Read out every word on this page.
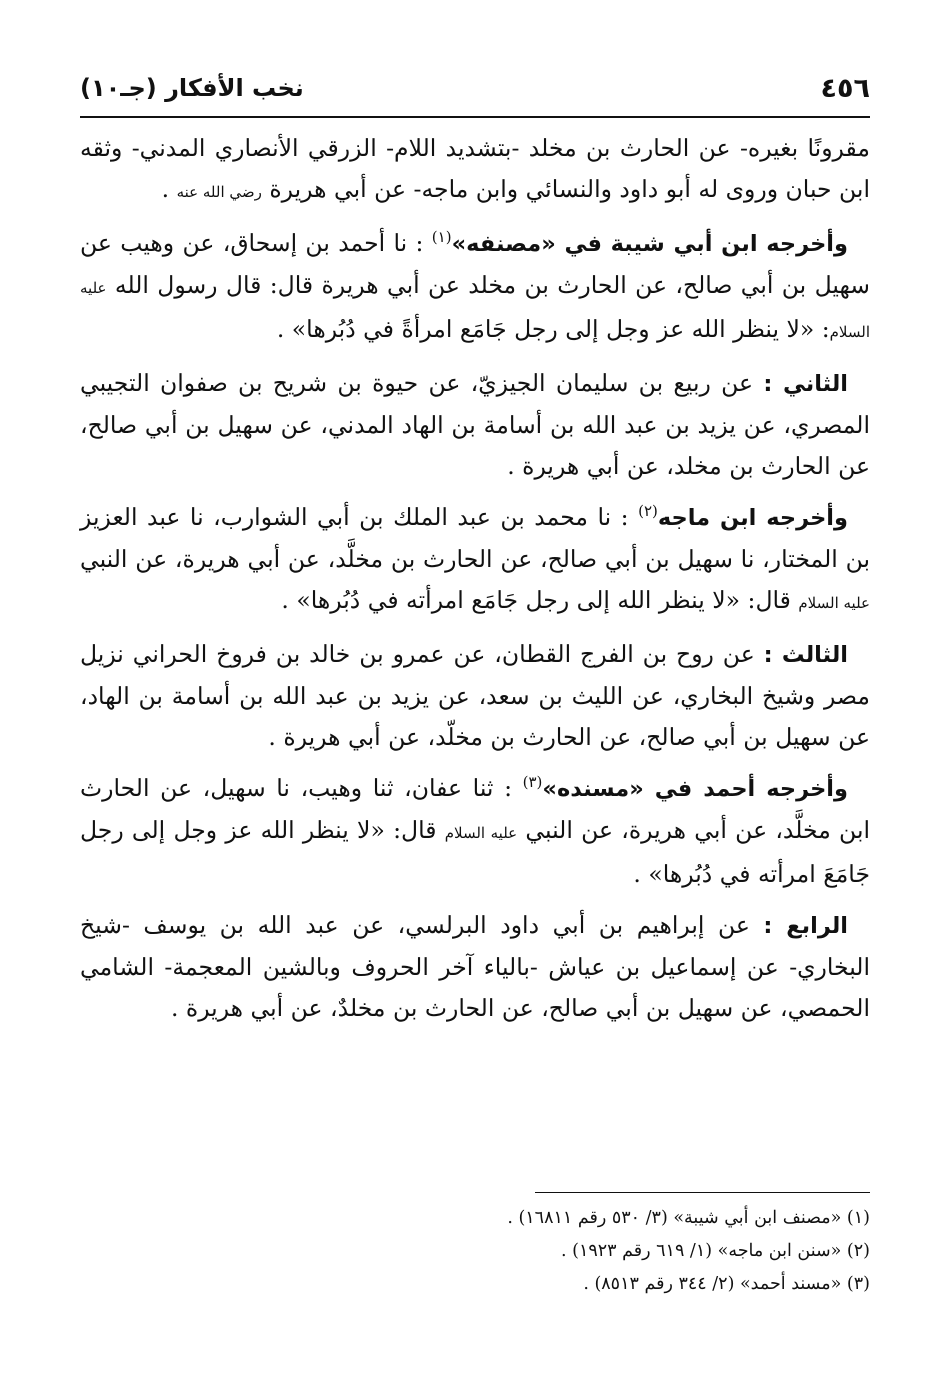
٤٥٦
نخب الأفكار (جـ١٠)

مقرونًا بغيره- عن الحارث بن مخلد -بتشديد اللام- الزرقي الأنصاري المدني- وثقه ابن حبان وروى له أبو داود والنسائي وابن ماجه- عن أبي هريرة رضي الله عنه .

وأخرجه ابن أبي شيبة في «مصنفه»$^{(١)}$ : نا أحمد بن إسحاق، عن وهيب عن سهيل بن أبي صالح، عن الحارث بن مخلد عن أبي هريرة قال: قال رسول الله عليه السلام: «لا ينظر الله عز وجل إلى رجل جَامَع امرأةً في دُبُرها» .

الثاني : عن ربيع بن سليمان الجيزيّ، عن حيوة بن شريح بن صفوان التجيبي المصري، عن يزيد بن عبد الله بن أسامة بن الهاد المدني، عن سهيل بن أبي صالح، عن الحارث بن مخلد، عن أبي هريرة .

وأخرجه ابن ماجه$^{(٢)}$ : نا محمد بن عبد الملك بن أبي الشوارب، نا عبد العزيز بن المختار، نا سهيل بن أبي صالح، عن الحارث بن مخلَّد، عن أبي هريرة، عن النبي عليه السلام قال: «لا ينظر الله إلى رجل جَامَع امرأته في دُبُرها» .

الثالث : عن روح بن الفرج القطان، عن عمرو بن خالد بن فروخ الحراني نزيل مصر وشيخ البخاري، عن الليث بن سعد، عن يزيد بن عبد الله بن أسامة بن الهاد، عن سهيل بن أبي صالح، عن الحارث بن مخلّد، عن أبي هريرة .

وأخرجه أحمد في «مسنده»$^{(٣)}$ : ثنا عفان، ثنا وهيب، نا سهيل، عن الحارث ابن مخلَّد، عن أبي هريرة، عن النبي عليه السلام قال: «لا ينظر الله عز وجل إلى رجل جَامَعَ امرأته في دُبُرها» .

الرابع : عن إبراهيم بن أبي داود البرلسي، عن عبد الله بن يوسف -شيخ البخاري- عن إسماعيل بن عياش -بالياء آخر الحروف وبالشين المعجمة- الشامي الحمصي، عن سهيل بن أبي صالح، عن الحارث بن مخلدٌ، عن أبي هريرة .

(١) «مصنف ابن أبي شيبة» (٣/ ٥٣٠ رقم ١٦٨١١) .

(٢) «سنن ابن ماجه» (١/ ٦١٩ رقم ١٩٢٣) .

(٣) «مسند أحمد» (٢/ ٣٤٤ رقم ٨٥١٣) .
